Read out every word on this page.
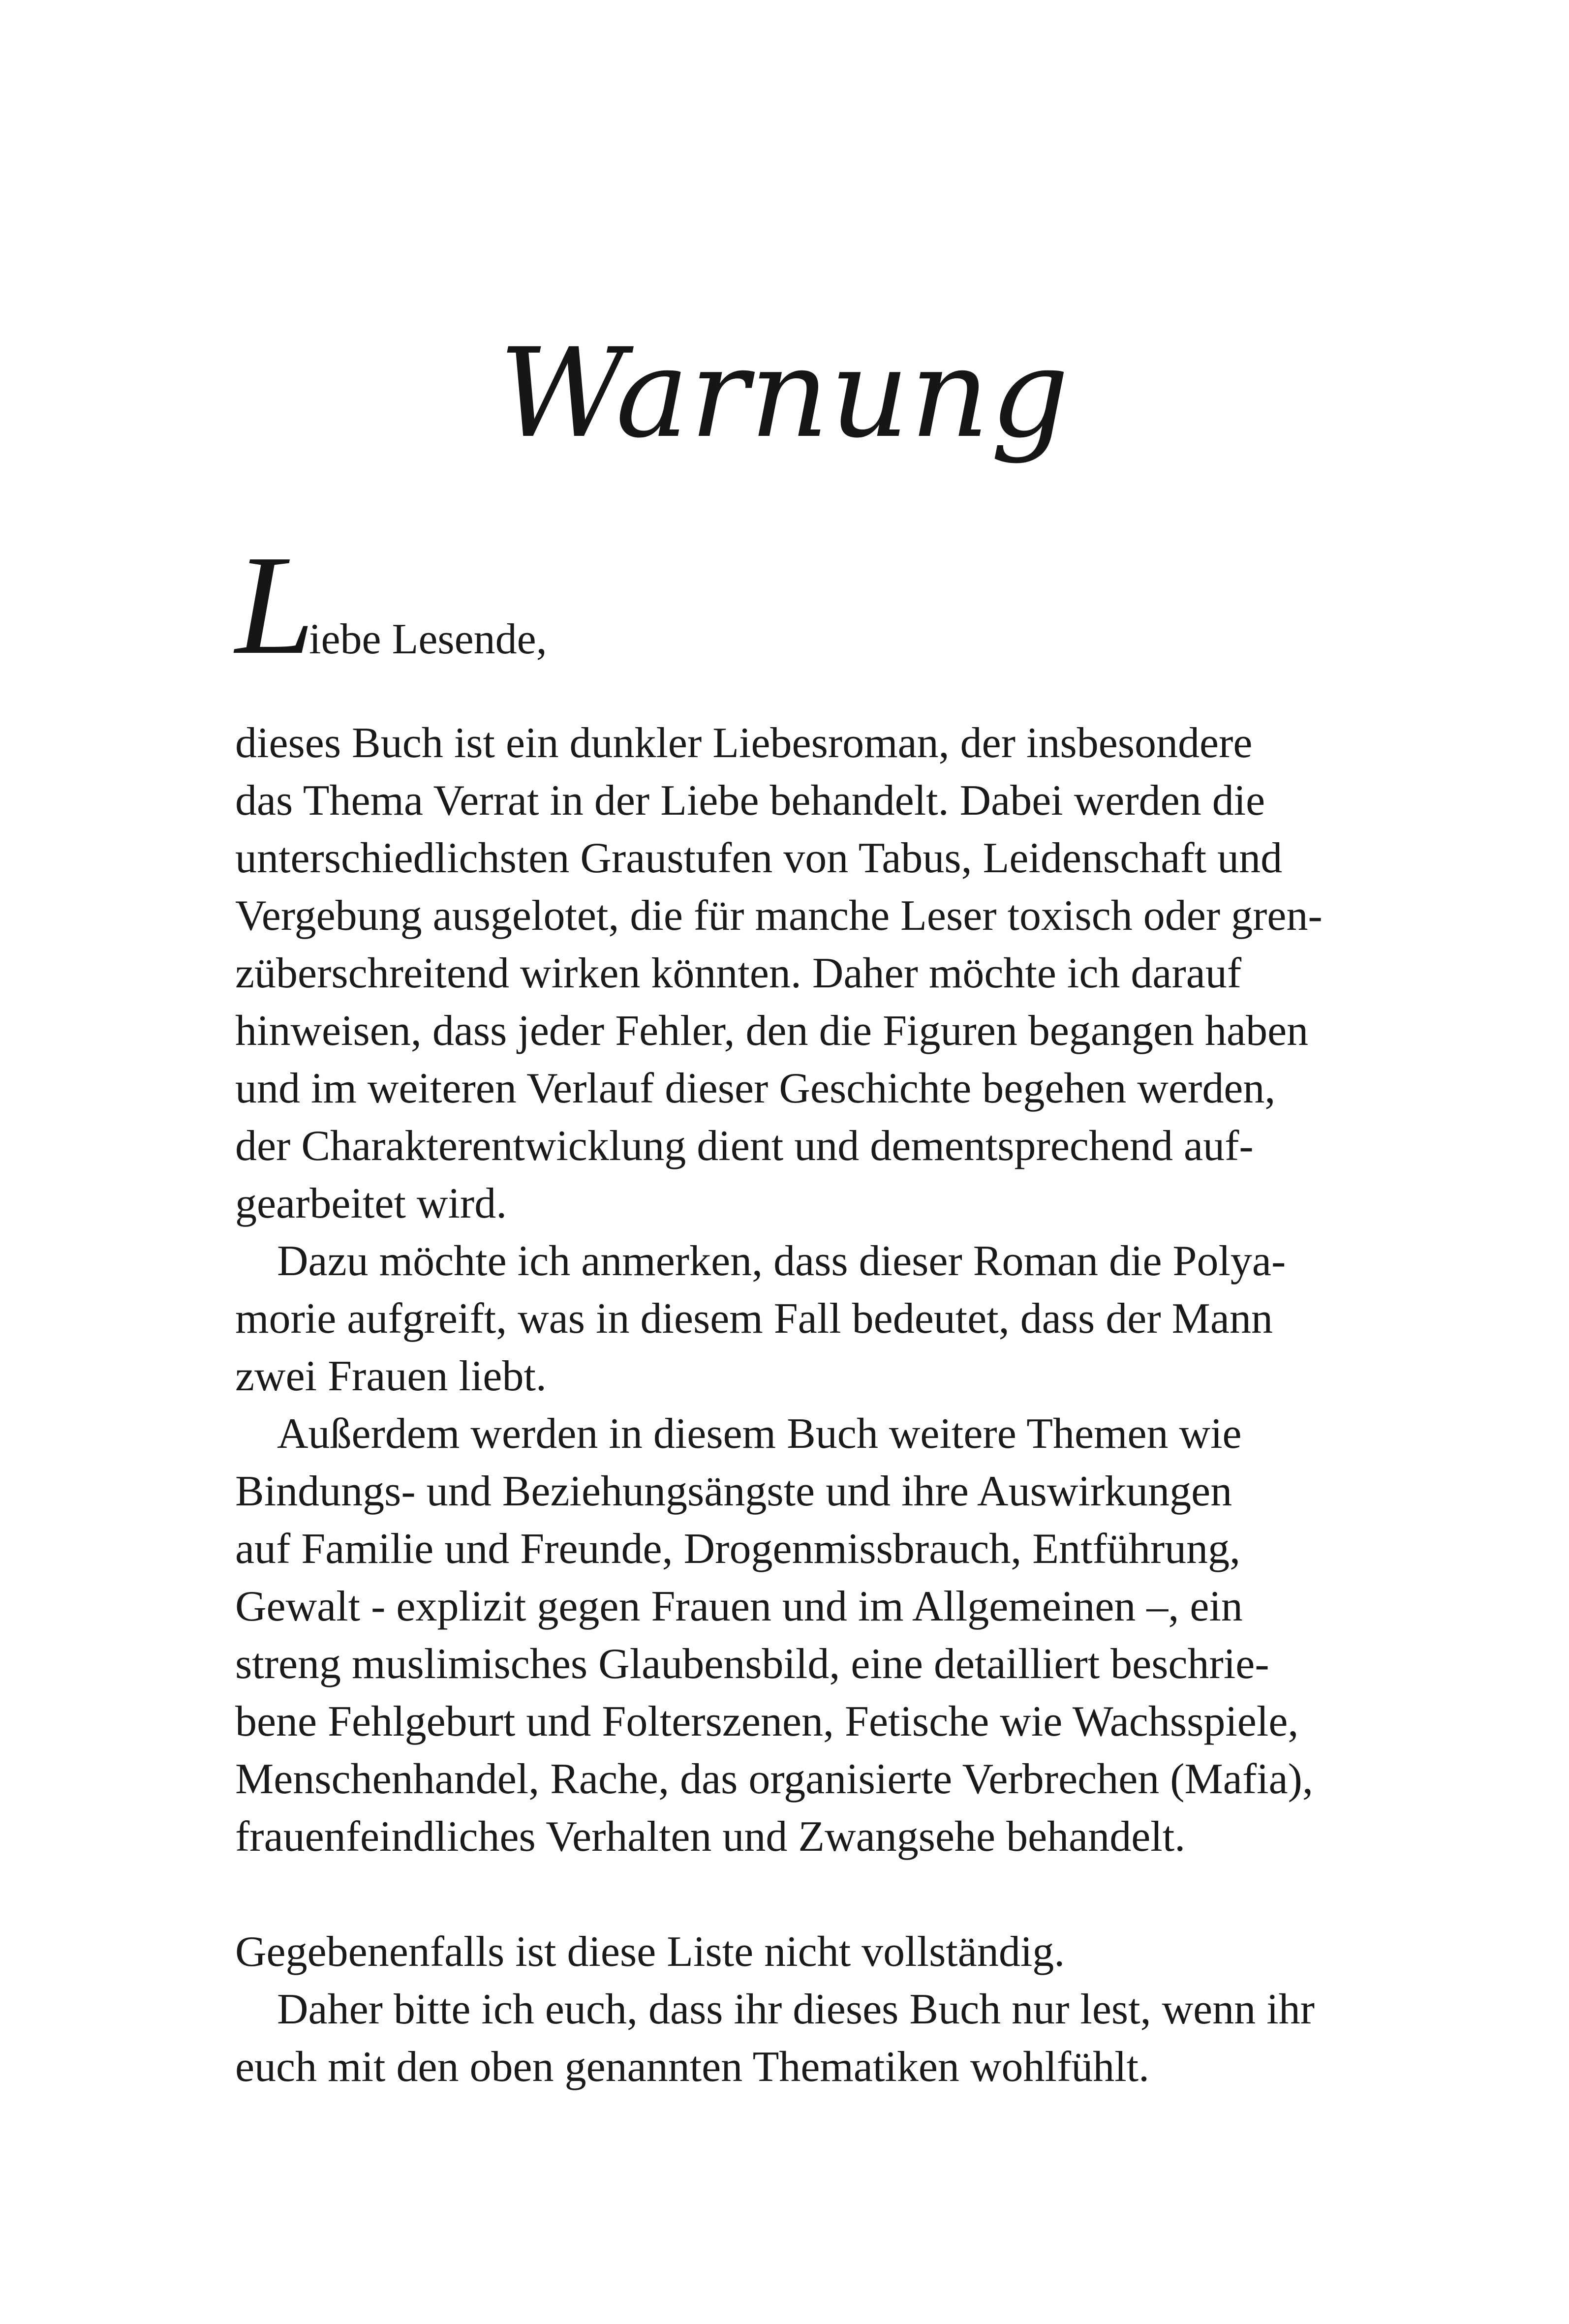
Warnung
L
iebe Lesende,
dieses Buch ist ein dunkler Liebesroman, der insbesondere
das Thema Verrat in der Liebe behandelt. Dabei werden die
unterschiedlichsten Graustufen von Tabus, Leidenschaft und
Vergebung ausgelotet, die für manche Leser toxisch oder gren-
züberschreitend wirken könnten. Daher möchte ich darauf
hinweisen, dass jeder Fehler, den die Figuren begangen haben
und im weiteren Verlauf dieser Geschichte begehen werden,
der Charakterentwicklung dient und dementsprechend auf-
gearbeitet wird.
Dazu möchte ich anmerken, dass dieser Roman die Polya-
morie aufgreift, was in diesem Fall bedeutet, dass der Mann
zwei Frauen liebt.
Außerdem werden in diesem Buch weitere Themen wie
Bindungs- und Beziehungsängste und ihre Auswirkungen
auf Familie und Freunde, Drogenmissbrauch, Entführung,
Gewalt - explizit gegen Frauen und im Allgemeinen –, ein
streng muslimisches Glaubensbild, eine detailliert beschrie-
bene Fehlgeburt und Folterszenen, Fetische wie Wachsspiele,
Menschenhandel, Rache, das organisierte Verbrechen (Mafia),
frauenfeindliches Verhalten und Zwangsehe behandelt.
Gegebenenfalls ist diese Liste nicht vollständig.
Daher bitte ich euch, dass ihr dieses Buch nur lest, wenn ihr
euch mit den oben genannten Thematiken wohlfühlt.
